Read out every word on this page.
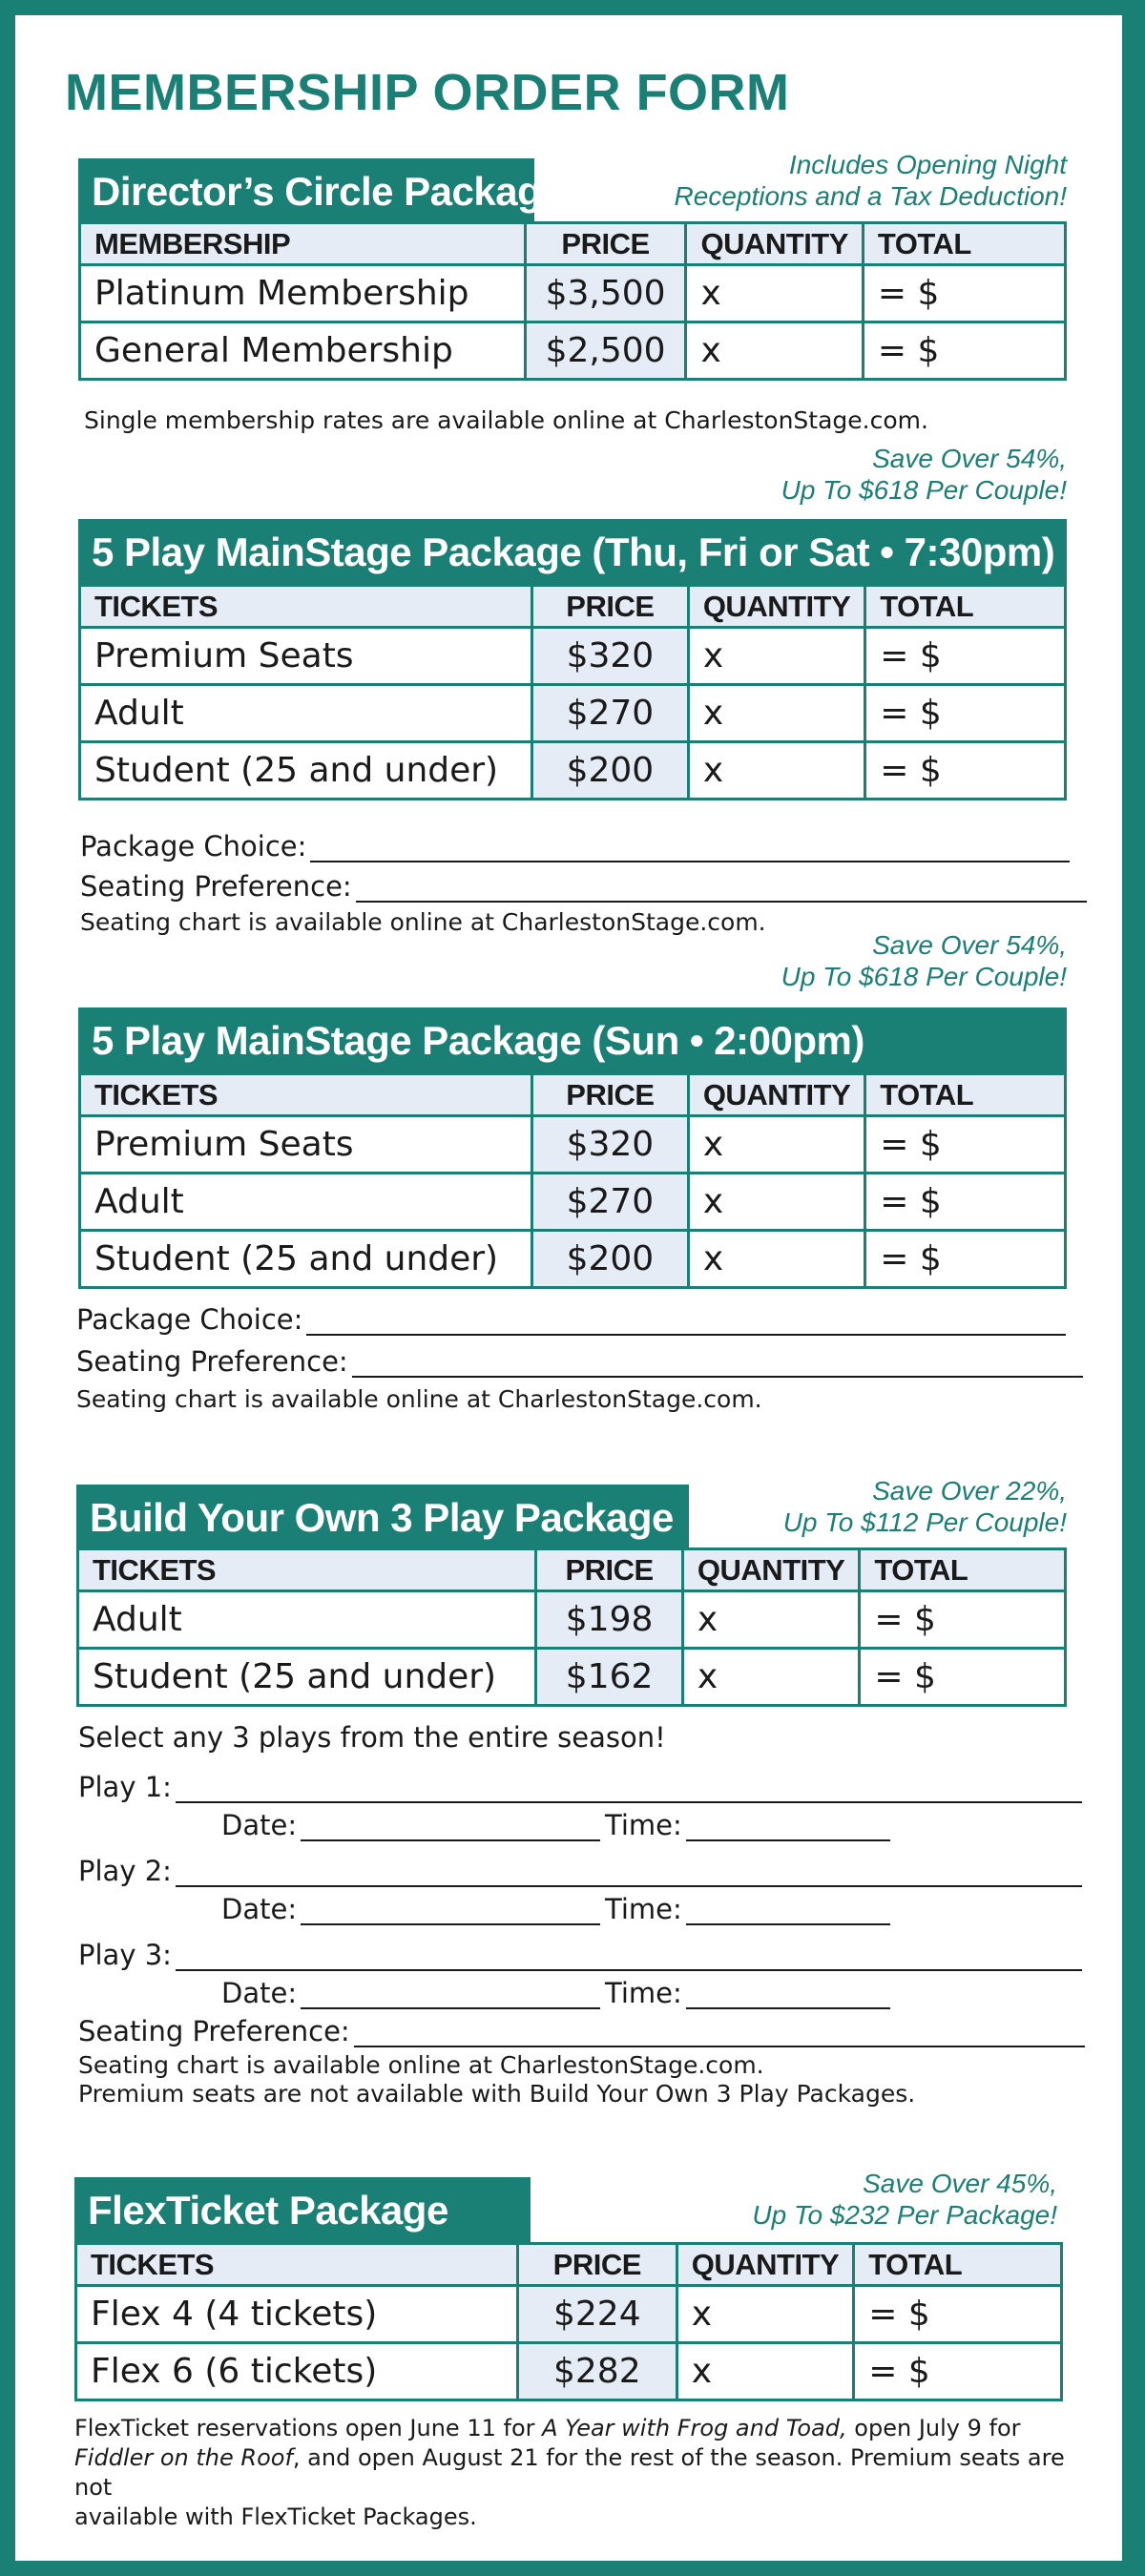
MEMBERSHIP ORDER FORM
Director’s Circle Package
Includes Opening Night
Receptions and a Tax Deduction!
MEMBERSHIP	PRICE	QUANTITY	TOTAL
Platinum Membership	$3,500	x	= $
General Membership	$2,500	x	= $
Single membership rates are available online at CharlestonStage.com.
Save Over 54%,
Up To $618 Per Couple!
5 Play MainStage Package (Thu, Fri or Sat • 7:30pm)
TICKETS	PRICE	QUANTITY	TOTAL
Premium Seats	$320	x	= $
Adult	$270	x	= $
Student (25 and under)	$200	x	= $
Package Choice:
Seating Preference:
Seating chart is available online at CharlestonStage.com.
Save Over 54%,
Up To $618 Per Couple!
5 Play MainStage Package (Sun • 2:00pm)
TICKETS	PRICE	QUANTITY	TOTAL
Premium Seats	$320	x	= $
Adult	$270	x	= $
Student (25 and under)	$200	x	= $
Package Choice:
Seating Preference:
Seating chart is available online at CharlestonStage.com.
Build Your Own 3 Play Package
Save Over 22%,
Up To $112 Per Couple!
TICKETS	PRICE	QUANTITY	TOTAL
Adult	$198	x	= $
Student (25 and under)	$162	x	= $
Select any 3 plays from the entire season!
Play 1:
Date:	Time:
Play 2:
Date:	Time:
Play 3:
Date:	Time:
Seating Preference:
Seating chart is available online at CharlestonStage.com.
Premium seats are not available with Build Your Own 3 Play Packages.
FlexTicket Package
Save Over 45%,
Up To $232 Per Package!
TICKETS	PRICE	QUANTITY	TOTAL
Flex 4 (4 tickets)	$224	x	= $
Flex 6 (6 tickets)	$282	x	= $
FlexTicket reservations open June 11 for A Year with Frog and Toad, open July 9 for
Fiddler on the Roof, and open August 21 for the rest of the season. Premium seats are not
available with FlexTicket Packages.
